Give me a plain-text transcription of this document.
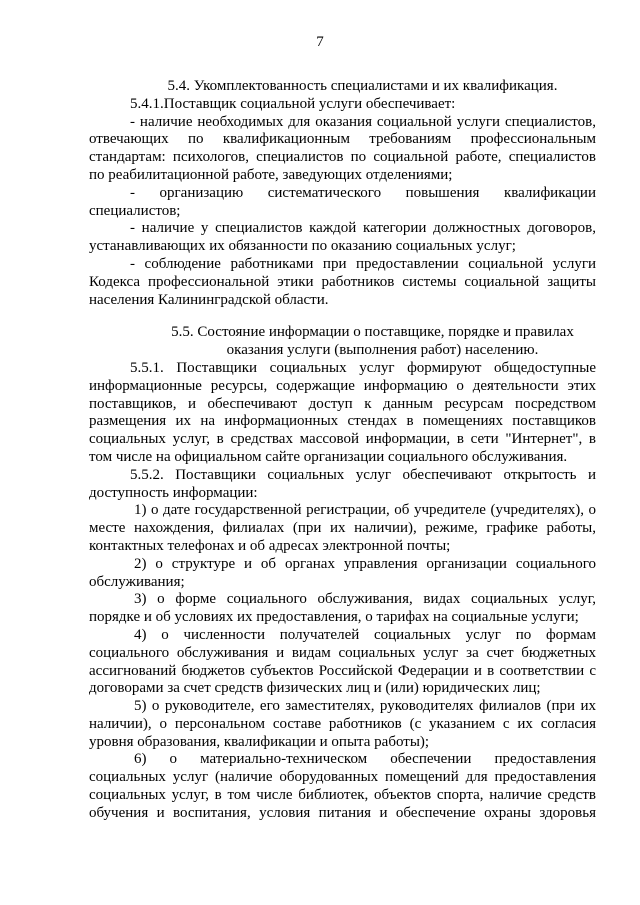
7
5.4. Укомплектованность специалистами и их квалификация.
5.4.1.Поставщик социальной услуги обеспечивает:
- наличие необходимых для оказания социальной услуги специалистов,
отвечающих по квалификационным требованиям профессиональным
стандартам: психологов, специалистов по социальной работе, специалистов
по реабилитационной работе, заведующих отделениями;
- организацию систематического повышения квалификации
специалистов;
- наличие у специалистов каждой категории должностных договоров,
устанавливающих их обязанности по оказанию социальных услуг;
- соблюдение работниками при предоставлении социальной услуги
Кодекса профессиональной этики работников системы социальной защиты
населения Калининградской области.
5.5. Состояние информации о поставщике, порядке и правилах
оказания услуги (выполнения работ) населению.
5.5.1. Поставщики социальных услуг формируют общедоступные
информационные ресурсы, содержащие информацию о деятельности этих
поставщиков, и обеспечивают доступ к данным ресурсам посредством
размещения их на информационных стендах в помещениях поставщиков
социальных услуг, в средствах массовой информации, в сети "Интернет", в
том числе на официальном сайте организации социального обслуживания.
5.5.2. Поставщики социальных услуг обеспечивают открытость и
доступность информации:
1) о дате государственной регистрации, об учредителе (учредителях), о
месте нахождения, филиалах (при их наличии), режиме, графике работы,
контактных телефонах и об адресах электронной почты;
2) о структуре и об органах управления организации социального
обслуживания;
3) о форме социального обслуживания, видах социальных услуг,
порядке и об условиях их предоставления, о тарифах на социальные услуги;
4) о численности получателей социальных услуг по формам
социального обслуживания и видам социальных услуг за счет бюджетных
ассигнований бюджетов субъектов Российской Федерации и в соответствии с
договорами за счет средств физических лиц и (или) юридических лиц;
5) о руководителе, его заместителях, руководителях филиалов (при их
наличии), о персональном составе работников (с указанием с их согласия
уровня образования, квалификации и опыта работы);
6) о материально-техническом обеспечении предоставления
социальных услуг (наличие оборудованных помещений для предоставления
социальных услуг, в том числе библиотек, объектов спорта, наличие средств
обучения и воспитания, условия питания и обеспечение охраны здоровья
